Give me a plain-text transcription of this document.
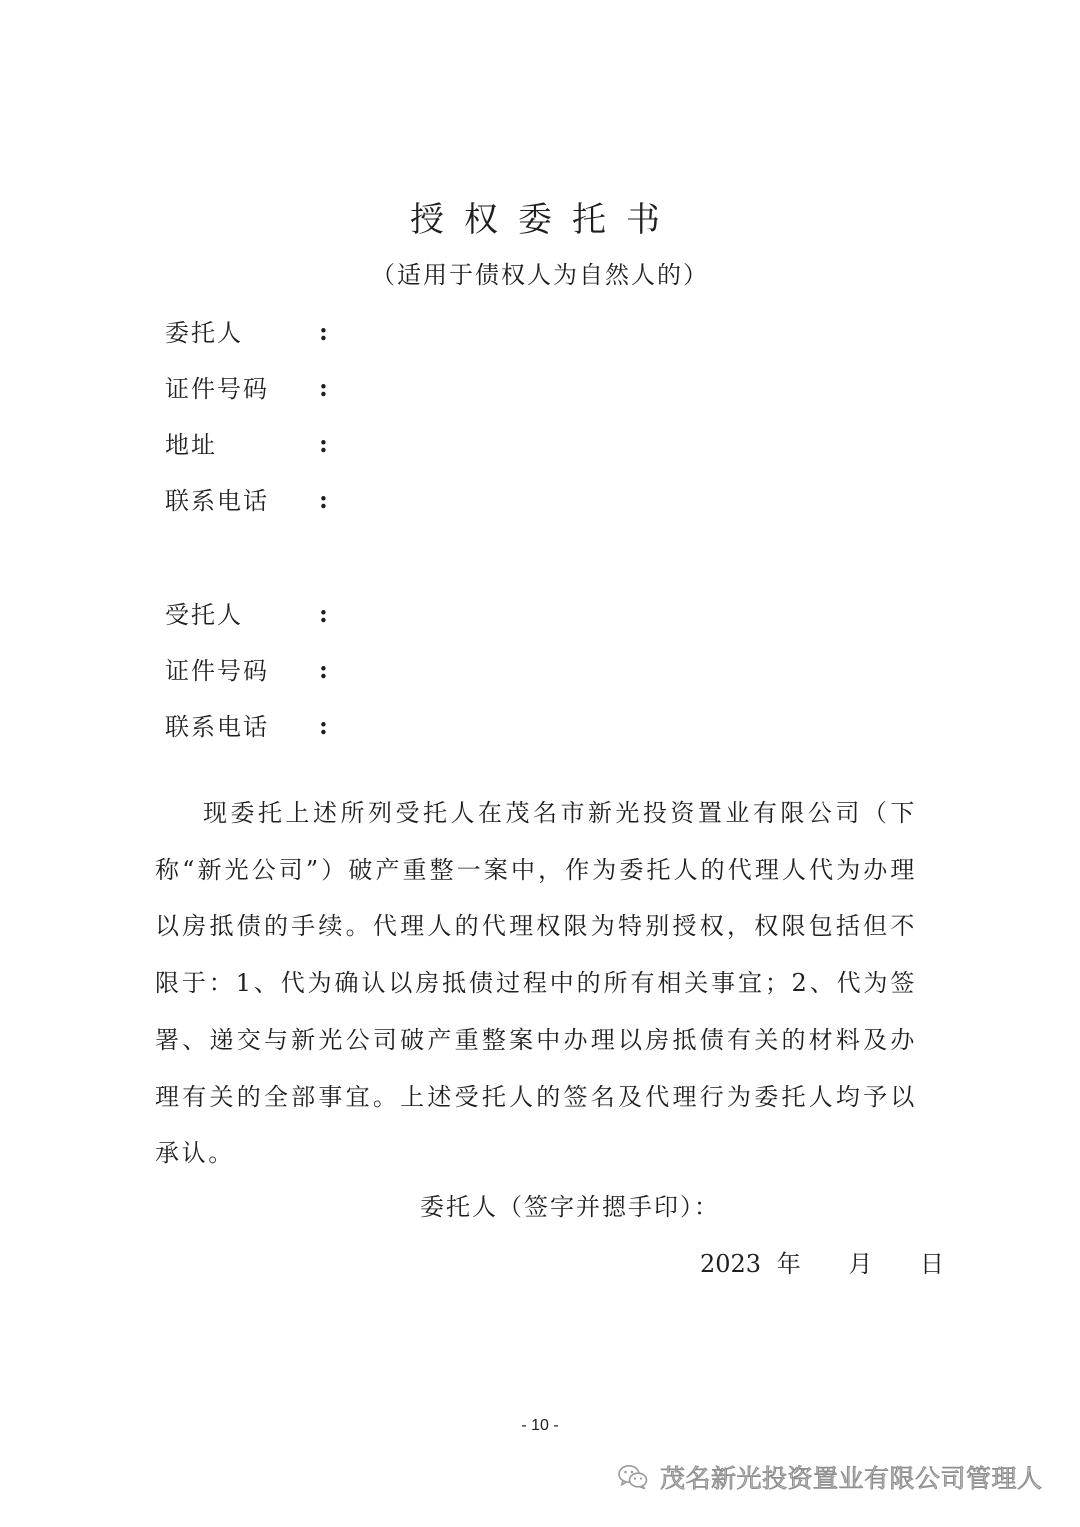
授权委托书
（适用于债权人为自然人的）
委托人	:
证件号码 :
地址	:
联系电话 :
受托人	:
证件号码 :
联系电话 :

现委托上述所列受托人在茂名市新光投资置业有限公司（下称“新光公司”）破产重整一案中，作为委托人的代理人代为办理以房抵债的手续。代理人的代理权限为特别授权，权限包括但不限于：1、代为确认以房抵债过程中的所有相关事宜；2、代为签署、递交与新光公司破产重整案中办理以房抵债有关的材料及办理有关的全部事宜。上述受托人的签名及代理行为委托人均予以承认。

委托人（签字并摁手印）：
2023 年 月 日
- 10 -
茂名新光投资置业有限公司管理人
